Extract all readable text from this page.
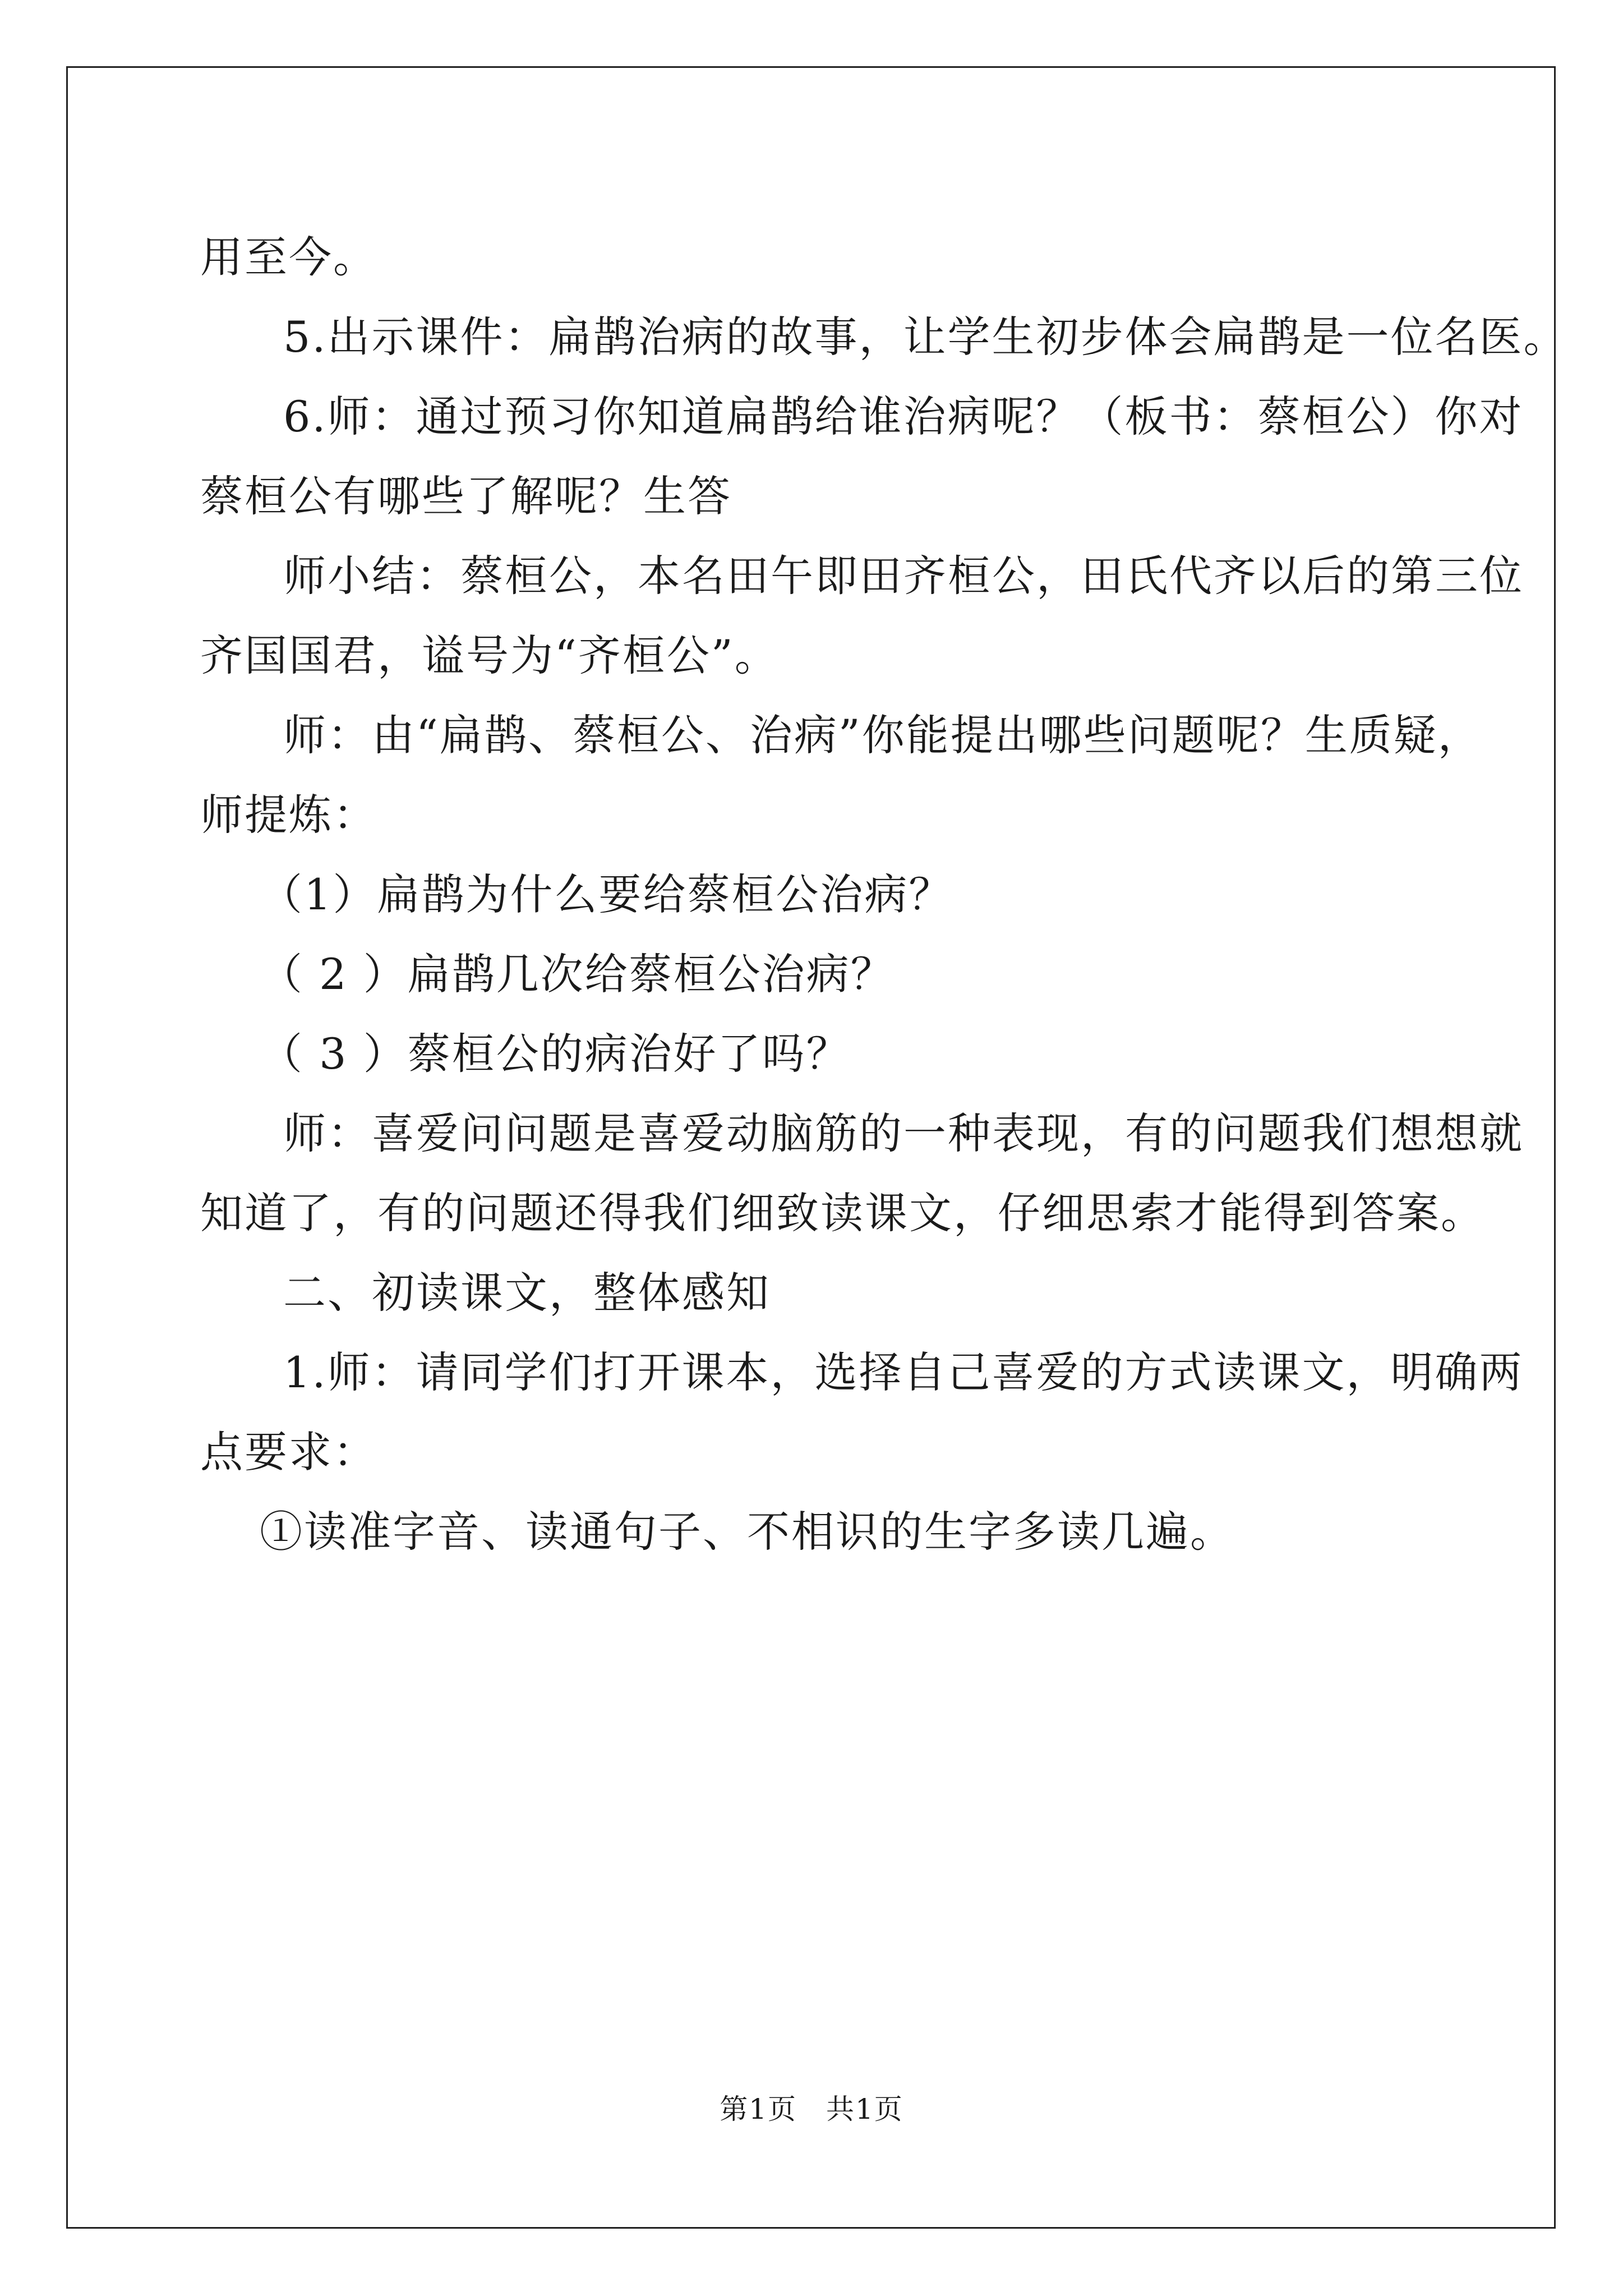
用至今。

5.出示课件：扁鹊治病的故事，让学生初步体会扁鹊是一位名医。

6.师：通过预习你知道扁鹊给谁治病呢？（板书：蔡桓公）你对

蔡桓公有哪些了解呢？生答

师小结：蔡桓公，本名田午即田齐桓公，田氏代齐以后的第三位

齐国国君，谥号为“齐桓公”。

师：由“扁鹊、蔡桓公、治病”你能提出哪些问题呢？生质疑，

师提炼：

（1）扁鹊为什么要给蔡桓公治病？

（ 2 ）扁鹊几次给蔡桓公治病？

（ 3 ）蔡桓公的病治好了吗？

师：喜爱问问题是喜爱动脑筋的一种表现，有的问题我们想想就

知道了，有的问题还得我们细致读课文，仔细思索才能得到答案。

二、初读课文，整体感知

1.师：请同学们打开课本，选择自己喜爱的方式读课文，明确两

点要求：

①读准字音、读通句子、不相识的生字多读几遍。

第1页　共1页
